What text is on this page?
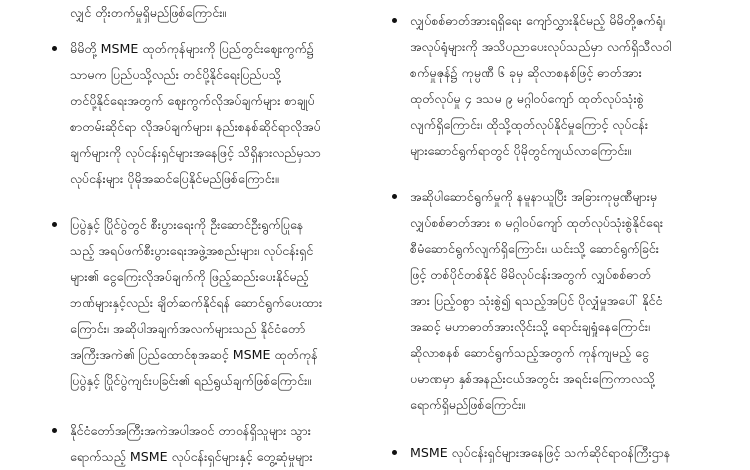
လျှင် တိုးတက်မှုရှိမည်ဖြစ်ကြောင်း။
မိမိတို့ MSME ထုတ်ကုန်များကို ပြည်တွင်းဈေးကွက်၌
သာမက ပြည်ပသို့လည်း တင်ပို့နိုင်ရေးပြည်ပသို့
တင်ပို့နိုင်ရေးအတွက် ဈေးကွက်လိုအပ်ချက်များ စာချုပ်
စာတမ်းဆိုင်ရာ လိုအပ်ချက်များ၊ နည်းစနစ်ဆိုင်ရာလိုအပ်
ချက်များကို လုပ်ငန်းရှင်များအနေဖြင့် သိရှိနားလည်မှသာ
လုပ်ငန်းများ ပိုမိုအဆင်ပြေနိုင်မည်ဖြစ်ကြောင်း။
ပြပွဲနှင့် ပြိုင်ပွဲတွင် စီးပွားရေးကို ဦးဆောင်ဦးရွက်ပြုနေ
သည့် အရပ်ဖက်စီးပွားရေးအဖွဲ့အစည်းများ၊ လုပ်ငန်းရှင်
များ၏ ငွေကြေးလိုအပ်ချက်ကို ဖြည့်ဆည်းပေးနိုင်မည့်
ဘဏ်များနှင့်လည်း ချိတ်ဆက်နိုင်ရန် ဆောင်ရွက်ပေးထား
ကြောင်း၊ အဆိုပါအချက်အလက်များသည် နိုင်ငံတော်
အကြီးအကဲ၏ ပြည်ထောင်စုအဆင့် MSME ထုတ်ကုန်
ပြပွဲနှင့် ပြိုင်ပွဲကျင်းပခြင်း၏ ရည်ရွယ်ချက်ဖြစ်ကြောင်း။
နိုင်ငံတော်အကြီးအကဲအပါအဝင် တာဝန်ရှိသူများ သွား
ရောက်သည့် MSME လုပ်ငန်းရှင်များနှင့် တွေ့ဆုံမှုများ
လျှပ်စစ်ဓာတ်အားရရှိရေး ကျော်လွှားနိုင်မည့် မိမိတို့ဇက်ရုံ၊
အလုပ်ရုံများကို အသိပညာပေးလုပ်သည်မှာ လက်ရှိသီလဝါ
စက်မှုဇုန်၌ ကုမ္ပဏီ ၆ ခုမှ ဆိုလာစနစ်ဖြင့် ဓာတ်အား
ထုတ်လုပ်မှု ၄ ဒသမ ၉ မဂ္ဂါဝပ်ကျော် ထုတ်လုပ်သုံးစွဲ
လျက်ရှိကြောင်း၊ ထိုသို့ထုတ်လုပ်နိုင်မှုကြောင့် လုပ်ငန်း
များဆောင်ရွက်ရာတွင် ပိုမိုတွင်ကျယ်လာကြောင်း။
အဆိုပါဆောင်ရွက်မှုကို နမူနာယူပြီး အခြားကုမ္ပဏီများမှ
လျှပ်စစ်ဓာတ်အား ၈ မဂ္ဂါဝပ်ကျော် ထုတ်လုပ်သုံးစွဲနိုင်ရေး
စီမံဆောင်ရွက်လျက်ရှိကြောင်း၊ ယင်းသို့ ဆောင်ရွက်ခြင်း
ဖြင့် တစ်ပိုင်တစ်နိုင် မိမိလုပ်ငန်းအတွက် လျှပ်စစ်ဓာတ်
အား ပြည့်ဝစွာ သုံးစွဲ၍ ရသည့်အပြင် ပိုလျှံမှုအပေါ် နိုင်ငံ
အဆင့် မဟာဓာတ်အားလိုင်းသို့ ရောင်းချရှုံနေကြောင်း၊
ဆိုလာစနစ် ဆောင်ရွက်သည့်အတွက် ကုန်ကျမည့် ငွေ
ပမာဏမှာ နှစ်အနည်းငယ်အတွင်း အရင်းကြေကာလသို့
ရောက်ရှိမည်ဖြစ်ကြောင်း။
MSME လုပ်ငန်းရှင်များအနေဖြင့် သက်ဆိုင်ရာဝန်ကြီးဌာန
